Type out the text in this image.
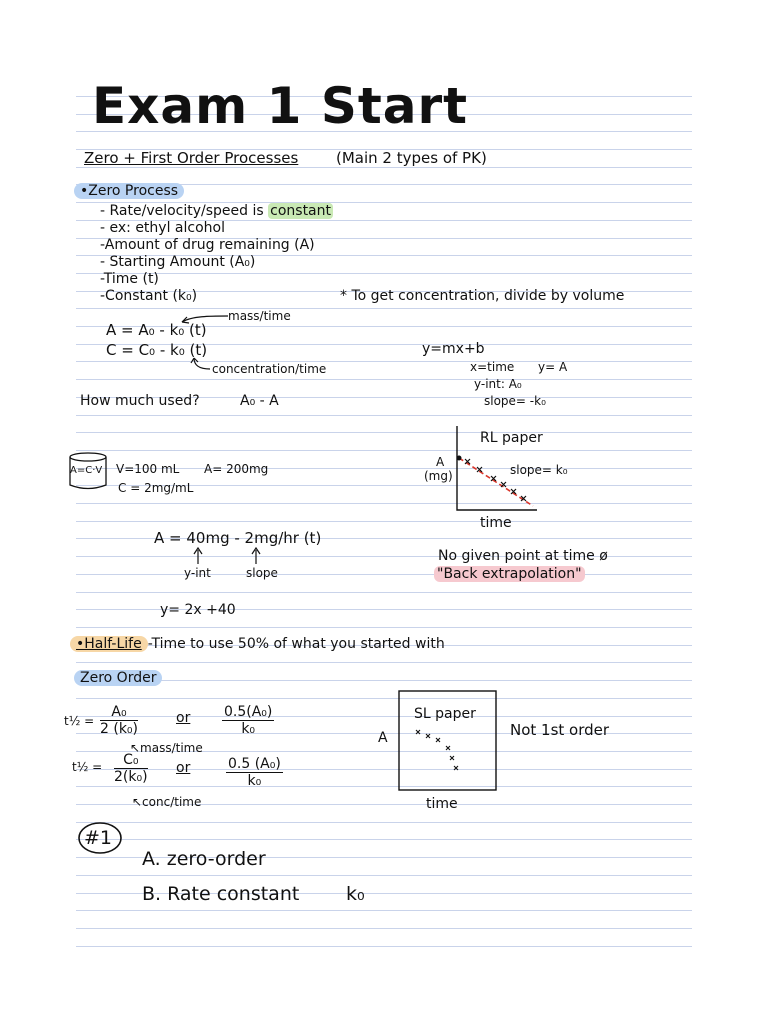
Exam 1 Start
Zero + First Order Processes	(Main 2 types of PK)
•Zero Process
- Rate/velocity/speed is constant
- ex: ethyl alcohol
-Amount of drug remaining (A)
- Starting Amount (A₀)
-Time (t)
-Constant (k₀)	* To get concentration, divide by volume
mass/time
A = A₀ - k₀ (t)
C = C₀ - k₀ (t)
concentration/time
How much used?	A₀ - A
y=mx+b
x=time y= A
y-int: A₀
slope= -k₀
RL paper
A
(mg)	slope= k₀
time
A=C·V V=100 mL A= 200mg
C = 2mg/mL
A = 40mg - 2mg/hr (t)
y-int	slope
y= 2x +40
No given point at time ø
"Back extrapolation"
•Half-Life -Time to use 50% of what you started with
Zero Order
t½ = $\frac{\text{A₀}}{\text{2 (k₀)}}$	or $\frac{\text{0.5(A₀)}}{\text{k₀}}$
↖mass/time
t½ = $\frac{\text{C₀}}{\text{2(k₀)}}$ or	$\frac{\text{0.5 (A₀)}}{\text{k₀}}$
↖conc/time
SL paper
A
time
Not 1st order
#1
A. zero-order
B. Rate constant k₀
